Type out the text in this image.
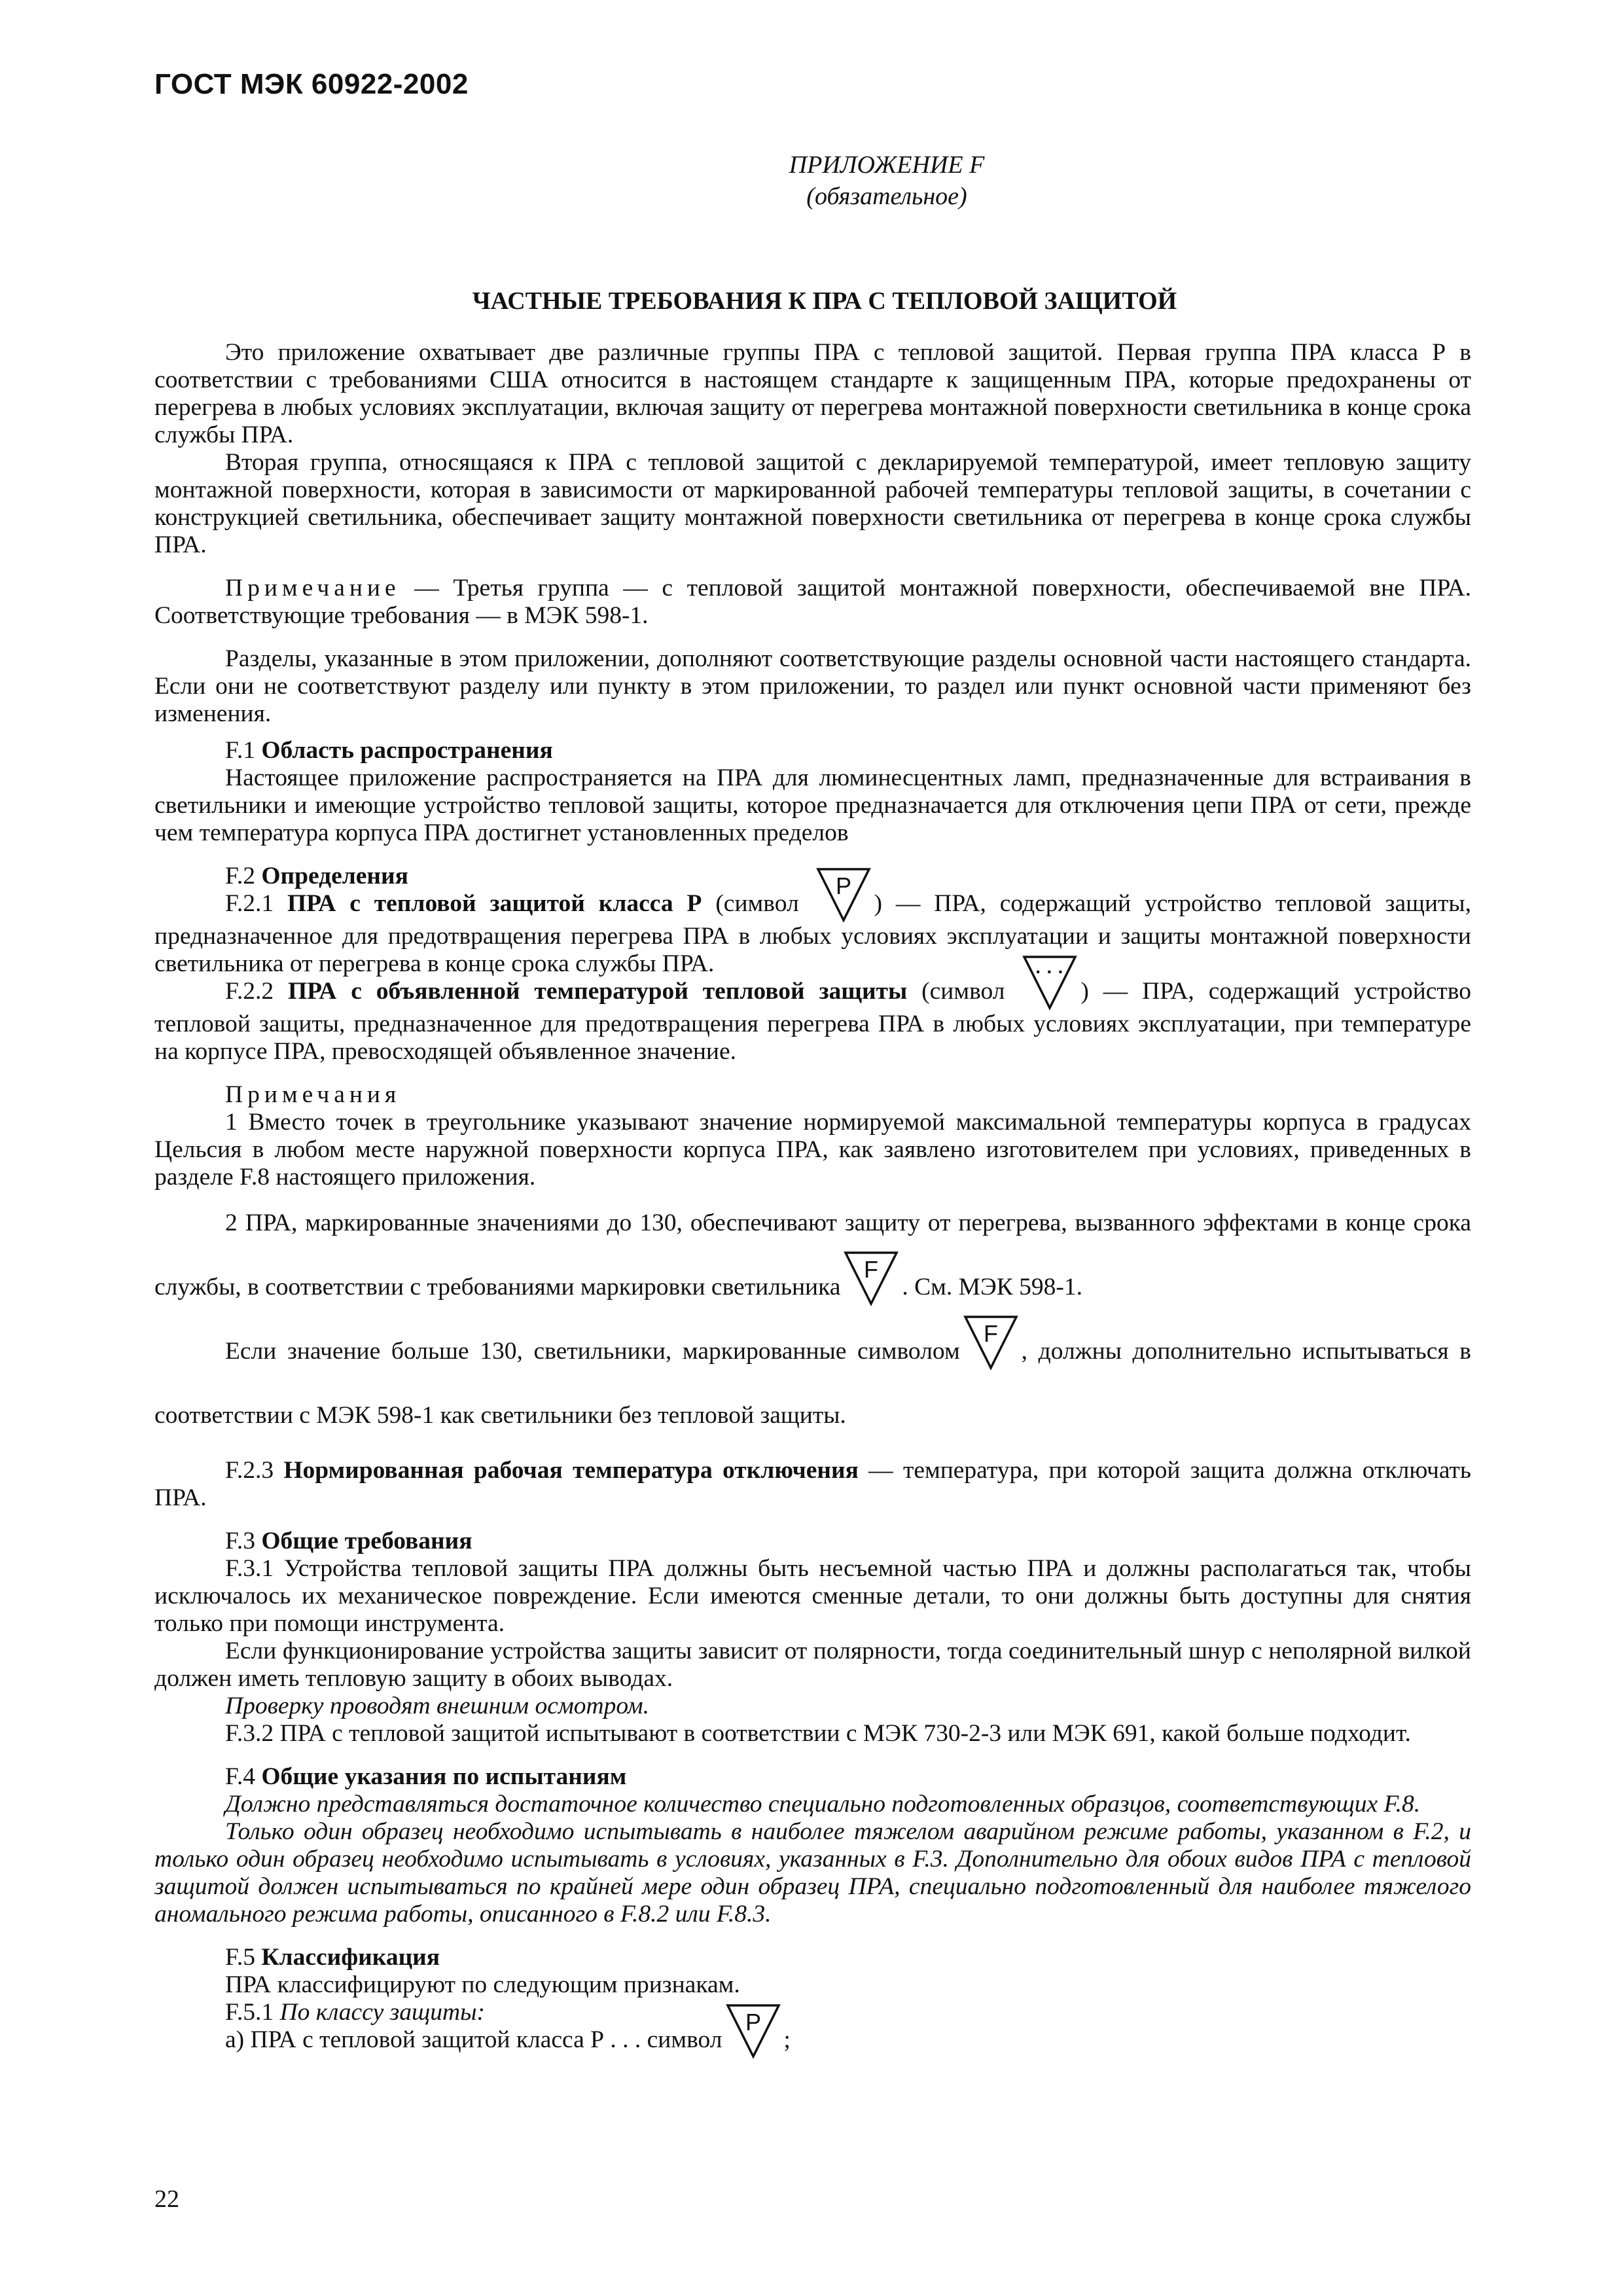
ГОСТ МЭК 60922-2002
ПРИЛОЖЕНИЕ F
(обязательное)
ЧАСТНЫЕ ТРЕБОВАНИЯ К ПРА С ТЕПЛОВОЙ ЗАЩИТОЙ

Это приложение охватывает две различные группы ПРА с тепловой защитой. Первая группа ПРА класса Р в соответствии с требованиями США относится в настоящем стандарте к защищенным ПРА, которые предохранены от перегрева в любых условиях эксплуатации, включая защиту от перегрева монтажной поверхности светильника в конце срока службы ПРА.

Вторая группа, относящаяся к ПРА с тепловой защитой с декларируемой температурой, имеет тепловую защиту монтажной поверхности, которая в зависимости от маркированной рабочей температуры тепловой защиты, в сочетании с конструкцией светильника, обеспечивает защиту монтажной поверхности светильника от перегрева в конце срока службы ПРА.

Примечание — Третья группа — с тепловой защитой монтажной поверхности, обеспечиваемой вне ПРА. Соответствующие требования — в МЭК 598-1.

Разделы, указанные в этом приложении, дополняют соответствующие разделы основной части настоящего стандарта. Если они не соответствуют разделу или пункту в этом приложении, то раздел или пункт основной части применяют без изменения.

F.1 Область распространения

Настоящее приложение распространяется на ПРА для люминесцентных ламп, предназначенные для встраивания в светильники и имеющие устройство тепловой защиты, которое предназначается для отключения цепи ПРА от сети, прежде чем температура корпуса ПРА достигнет установленных пределов

F.2 Определения

F.2.1 ПРА с тепловой защитой класса Р (символ
P
) — ПРА, содержащий устройство тепловой защиты, предназначенное для предотвращения перегрева ПРА в любых условиях эксплуатации и защиты монтажной поверхности светильника от перегрева в конце срока службы ПРА.

F.2.2 ПРА с объявленной температурой тепловой защиты (символ
· · ·
) — ПРА, содержащий устройство тепловой защиты, предназначенное для предотвращения перегрева ПРА в любых условиях эксплуатации, при температуре на корпусе ПРА, превосходящей объявленное значение.

Примечания

1 Вместо точек в треугольнике указывают значение нормируемой максимальной температуры корпуса в градусах Цельсия в любом месте наружной поверхности корпуса ПРА, как заявлено изготовителем при условиях, приведенных в разделе F.8 настоящего приложения.

2 ПРА, маркированные значениями до 130, обеспечивают защиту от перегрева, вызванного эффектами в конце срока службы, в соответствии с требованиями маркировки светильника
F
. См. МЭК 598-1.

Если значение больше 130, светильники, маркированные символом
F
, должны дополнительно испытываться в соответствии с МЭК 598-1 как светильники без тепловой защиты.

F.2.3 Нормированная рабочая температура отключения — температура, при которой защита должна отключать ПРА.

F.3 Общие требования

F.3.1 Устройства тепловой защиты ПРА должны быть несъемной частью ПРА и должны располагаться так, чтобы исключалось их механическое повреждение. Если имеются сменные детали, то они должны быть доступны для снятия только при помощи инструмента.

Если функционирование устройства защиты зависит от полярности, тогда соединительный шнур с неполярной вилкой должен иметь тепловую защиту в обоих выводах.

Проверку проводят внешним осмотром.

F.3.2 ПРА с тепловой защитой испытывают в соответствии с МЭК 730-2-3 или МЭК 691, какой больше подходит.

F.4 Общие указания по испытаниям

Должно представляться достаточное количество специально подготовленных образцов, соответствующих F.8.

Только один образец необходимо испытывать в наиболее тяжелом аварийном режиме работы, указанном в F.2, и только один образец необходимо испытывать в условиях, указанных в F.3. Дополнительно для обоих видов ПРА с тепловой защитой должен испытываться по крайней мере один образец ПРА, специально подготовленный для наиболее тяжелого аномального режима работы, описанного в F.8.2 или F.8.3.

F.5 Классификация

ПРА классифицируют по следующим признакам.

F.5.1 По классу защиты:

a) ПРА с тепловой защитой класса Р . . . символ
P
;

22
